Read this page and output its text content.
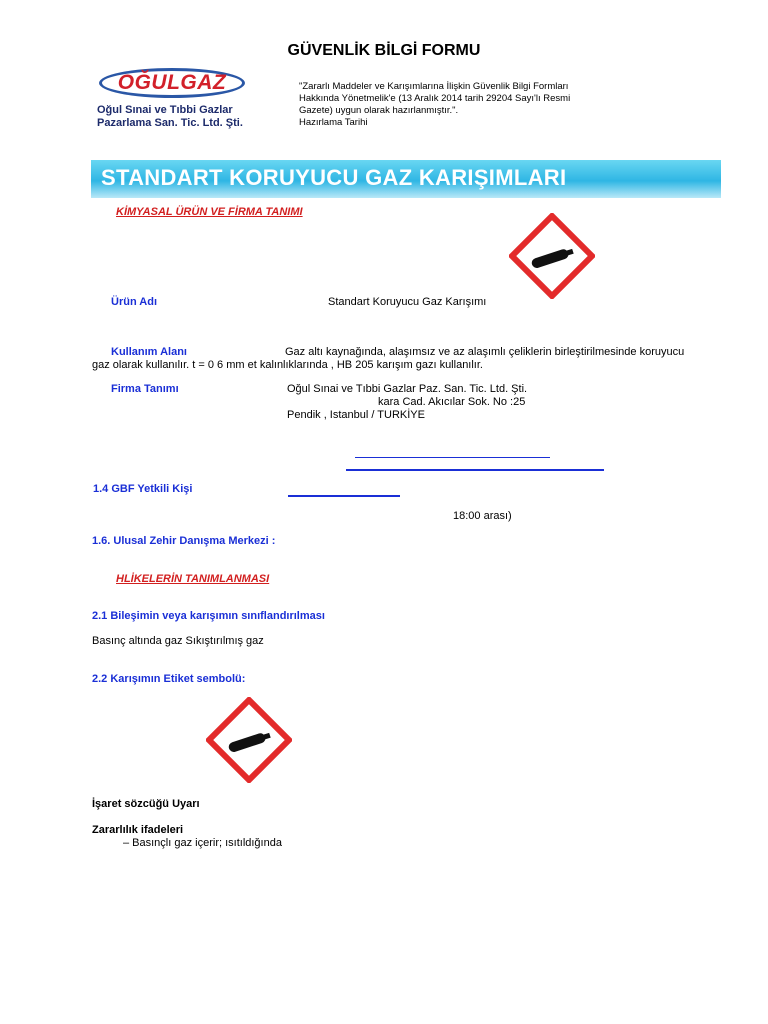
GÜVENLİK BİLGİ FORMU
OĞULGAZ
Oğul Sınai ve Tıbbi Gazlar
Pazarlama San. Tic. Ltd. Şti.
"Zararlı Maddeler ve Karışımlarına İlişkin Güvenlik Bilgi Formları
Hakkında Yönetmelik'e (13 Aralık 2014 tarih 29204 Sayı'lı Resmi
Gazete) uygun olarak hazırlanmıştır.".
Hazırlama Tarihi
STANDART KORUYUCU GAZ KARIŞIMLARI
KİMYASAL ÜRÜN VE FİRMA TANIMI
Ürün Adı	Standart Koruyucu Gaz Karışımı
Kullanım Alanı	Gaz altı kaynağında, alaşımsız ve az alaşımlı çeliklerin birleştirilmesinde koruyucu
gaz olarak kullanılır. t = 0 6 mm et kalınlıklarında , HB 205 karışım gazı kullanılır.
Firma Tanımı	Oğul Sınai ve Tıbbi Gazlar Paz. San. Tic. Ltd. Şti.
kara Cad. Akıcılar Sok. No :25
Pendik , Istanbul / TURKİYE
1.4 GBF Yetkili Kişi
18:00 arası)
1.6. Ulusal Zehir Danışma Merkezi :
HLİKELERİN TANIMLANMASI
2.1 Bileşimin veya karışımın sınıflandırılması
Basınç altında gaz Sıkıştırılmış gaz
2.2 Karışımın Etiket sembolü:
İşaret sözcüğü Uyarı
Zararlılık ifadeleri
– Basınçlı gaz içerir; ısıtıldığında
